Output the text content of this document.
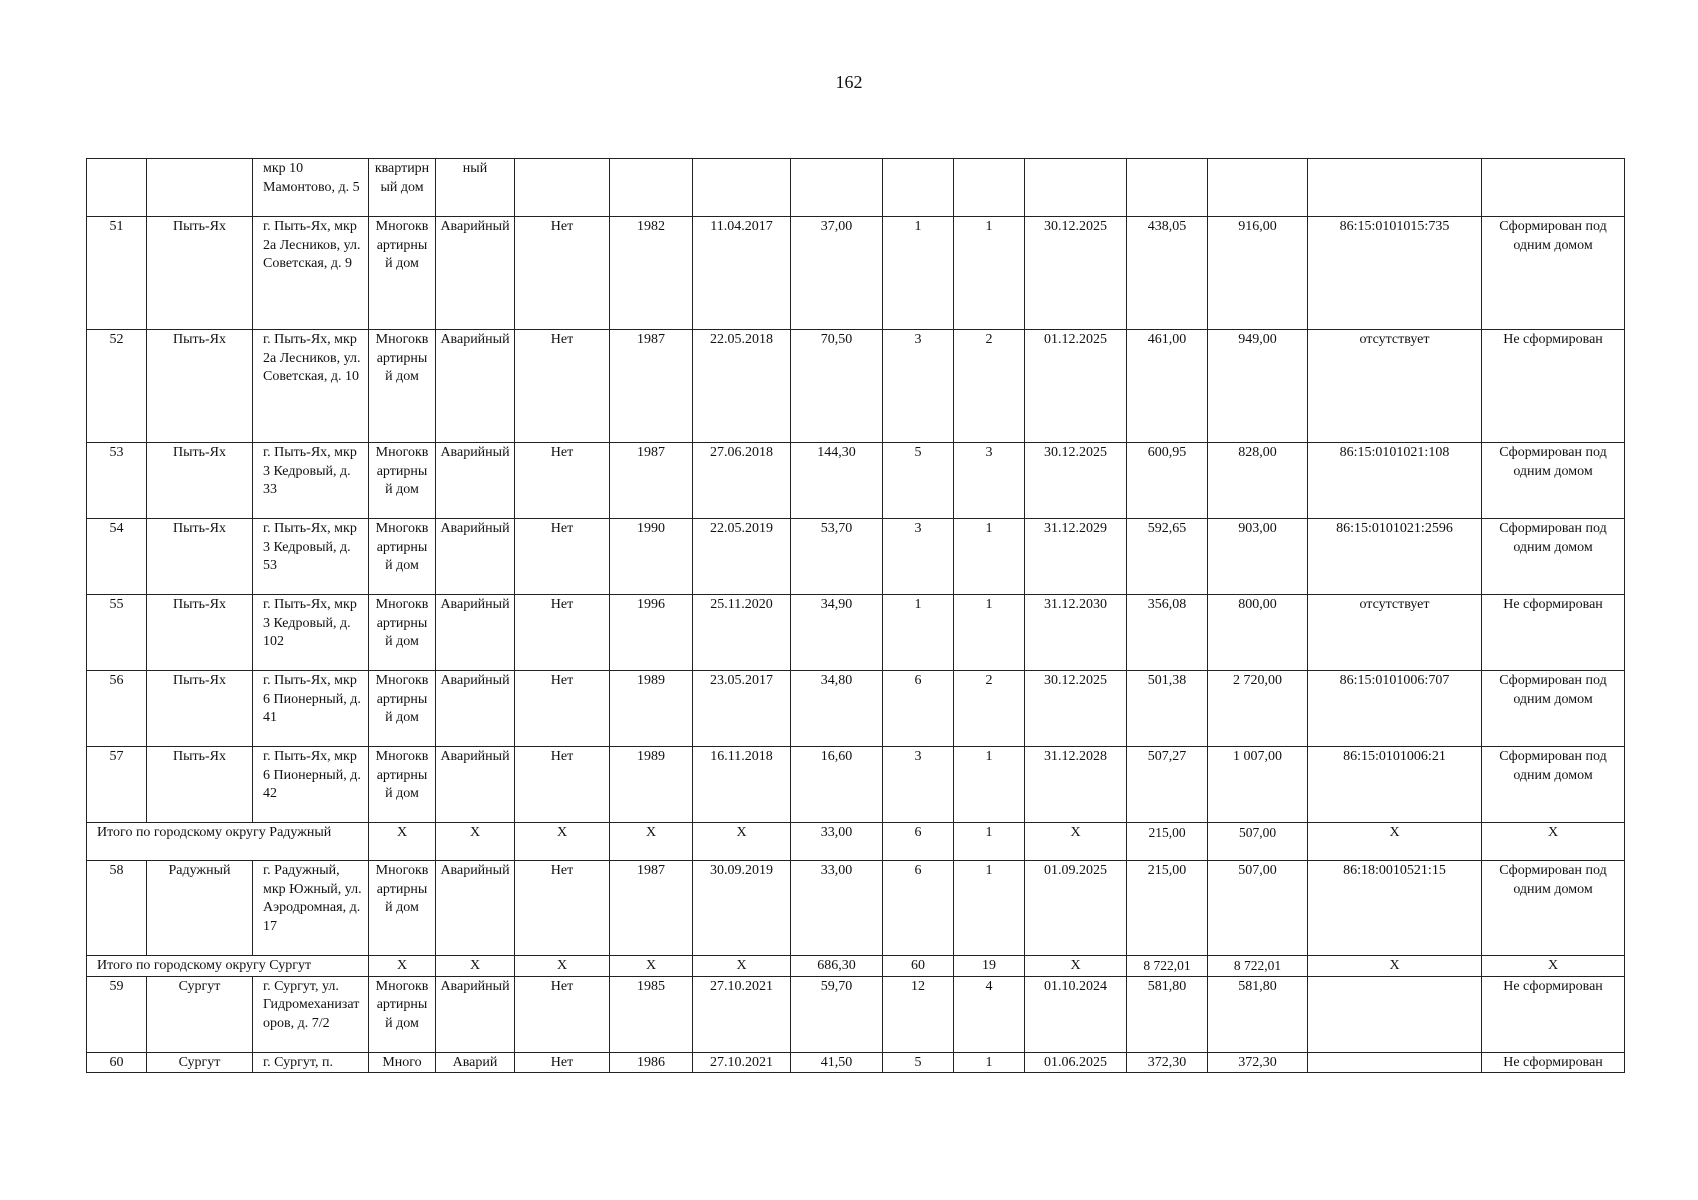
162
		мкр 10 Мамонтово, д. 5	квартирный дом	ный											
51	Пыть-Ях	г. Пыть-Ях, мкр 2а Лесников, ул. Советская, д. 9	Многоквартирный дом	Аварийный	Нет	1982	11.04.2017	37,00	1	1	30.12.2025	438,05	916,00	86:15:0101015:735	Сформирован под одним домом
52	Пыть-Ях	г. Пыть-Ях, мкр 2а Лесников, ул. Советская, д. 10	Многоквартирный дом	Аварийный	Нет	1987	22.05.2018	70,50	3	2	01.12.2025	461,00	949,00	отсутствует	Не сформирован
53	Пыть-Ях	г. Пыть-Ях, мкр 3 Кедровый, д. 33	Многоквартирный дом	Аварийный	Нет	1987	27.06.2018	144,30	5	3	30.12.2025	600,95	828,00	86:15:0101021:108	Сформирован под одним домом
54	Пыть-Ях	г. Пыть-Ях, мкр 3 Кедровый, д. 53	Многоквартирный дом	Аварийный	Нет	1990	22.05.2019	53,70	3	1	31.12.2029	592,65	903,00	86:15:0101021:2596	Сформирован под одним домом
55	Пыть-Ях	г. Пыть-Ях, мкр 3 Кедровый, д. 102	Многоквартирный дом	Аварийный	Нет	1996	25.11.2020	34,90	1	1	31.12.2030	356,08	800,00	отсутствует	Не сформирован
56	Пыть-Ях	г. Пыть-Ях, мкр 6 Пионерный, д. 41	Многоквартирный дом	Аварийный	Нет	1989	23.05.2017	34,80	6	2	30.12.2025	501,38	2 720,00	86:15:0101006:707	Сформирован под одним домом
57	Пыть-Ях	г. Пыть-Ях, мкр 6 Пионерный, д. 42	Многоквартирный дом	Аварийный	Нет	1989	16.11.2018	16,60	3	1	31.12.2028	507,27	1 007,00	86:15:0101006:21	Сформирован под одним домом
Итого по городскому округу Радужный			X	X	X	X	X	33,00	6	1	X	215,00	507,00	X	X
58	Радужный	г. Радужный, мкр Южный, ул. Аэродромная, д. 17	Многоквартирный дом	Аварийный	Нет	1987	30.09.2019	33,00	6	1	01.09.2025	215,00	507,00	86:18:0010521:15	Сформирован под одним домом
Итого по городскому округу Сургут			X	X	X	X	X	686,30	60	19	X	8 722,01	8 722,01	X	X
59	Сургут	г. Сургут, ул. Гидромеханизаторов, д. 7/2	Многоквартирный дом	Аварийный	Нет	1985	27.10.2021	59,70	12	4	01.10.2024	581,80	581,80		Не сформирован
60	Сургут	г. Сургут, п.	Много	Аварий	Нет	1986	27.10.2021	41,50	5	1	01.06.2025	372,30	372,30		Не сформирован
